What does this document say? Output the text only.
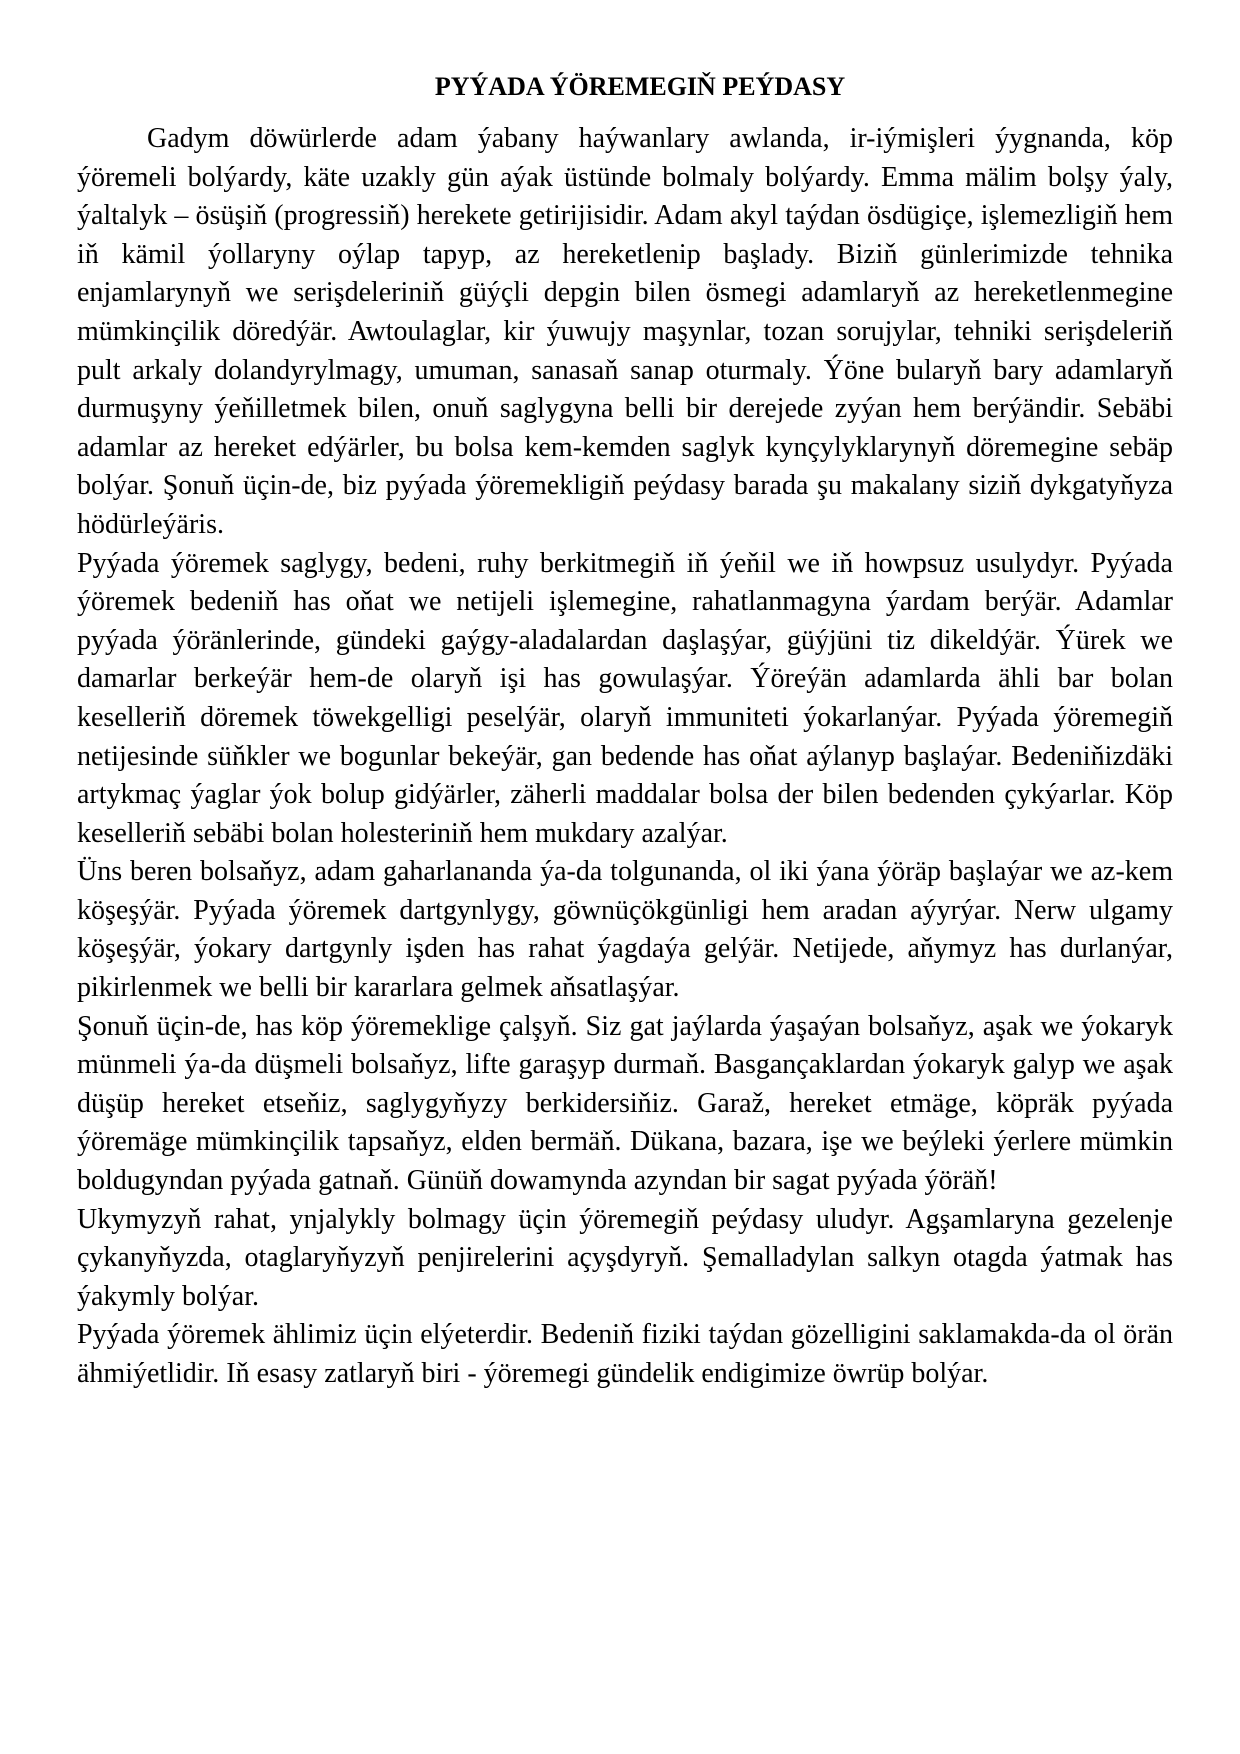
PYÝADA ÝÖREMEGIŇ PEÝDASY

Gadym döwürlerde adam ýabany haýwanlary awlanda, ir-iýmişleri ýygnanda, köp ýöremeli bolýardy, käte uzakly gün aýak üstünde bolmaly bolýardy. Emma mälim bolşy ýaly, ýaltalyk – ösüşiň (progressiň) herekete getirijisidir. Adam akyl taýdan ösdügiçe, işlemezligiň hem iň kämil ýollaryny oýlap tapyp, az hereketlenip başlady. Biziň günlerimizde tehnika enjamlarynyň we serişdeleriniň güýçli depgin bilen ösmegi adamlaryň az hereketlenmegine mümkinçilik döredýär. Awtoulaglar, kir ýuwujy maşynlar, tozan sorujylar, tehniki serişdeleriň pult arkaly dolandyrylmagy, umuman, sanasaň sanap oturmaly. Ýöne bularyň bary adamlaryň durmuşyny ýeňilletmek bilen, onuň saglygyna belli bir derejede zyýan hem berýändir. Sebäbi adamlar az hereket edýärler, bu bolsa kem-kemden saglyk kynçylyklarynyň döremegine sebäp bolýar. Şonuň üçin-de, biz pyýada ýöremekligiň peýdasy barada şu makalany siziň dykgatyňyza hödürleýäris.

Pyýada ýöremek saglygy, bedeni, ruhy berkitmegiň iň ýeňil we iň howpsuz usulydyr. Pyýada ýöremek bedeniň has oňat we netijeli işlemegine, rahatlanmagyna ýardam berýär. Adamlar pyýada ýöränlerinde, gündeki gaýgy-aladalardan daşlaşýar, güýjüni tiz dikeldýär. Ýürek we damarlar berkeýär hem-de olaryň işi has gowulaşýar. Ýöreýän adamlarda ähli bar bolan keselleriň döremek töwekgelligi peselýär, olaryň immuniteti ýokarlanýar. Pyýada ýöremegiň netijesinde süňkler we bogunlar bekeýär, gan bedende has oňat aýlanyp başlaýar. Bedeniňizdäki artykmaç ýaglar ýok bolup gidýärler, zäherli maddalar bolsa der bilen bedenden çykýarlar. Köp keselleriň sebäbi bolan holesteriniň hem mukdary azalýar.

Üns beren bolsaňyz, adam gaharlananda ýa-da tolgunanda, ol iki ýana ýöräp başlaýar we az-kem köşeşýär. Pyýada ýöremek dartgynlygy, göwnüçökgünligi hem aradan aýyrýar. Nerw ulgamy köşeşýär, ýokary dartgynly işden has rahat ýagdaýa gelýär. Netijede, aňymyz has durlanýar, pikirlenmek we belli bir kararlara gelmek aňsatlaşýar.

Şonuň üçin-de, has köp ýöremeklige çalşyň. Siz gat jaýlarda ýaşaýan bolsaňyz, aşak we ýokaryk münmeli ýa-da düşmeli bolsaňyz, lifte garaşyp durmaň. Basgançaklardan ýokaryk galyp we aşak düşüp hereket etseňiz, saglygyňyzy berkidersiňiz. Garaž, hereket etmäge, köpräk pyýada ýöremäge mümkinçilik tapsaňyz, elden bermäň. Dükana, bazara, işe we beýleki ýerlere mümkin boldugyndan pyýada gatnaň. Günüň dowamynda azyndan bir sagat pyýada ýöräň!

Ukymyzyň rahat, ynjalykly bolmagy üçin ýöremegiň peýdasy uludyr. Agşamlaryna gezelenje çykanyňyzda, otaglaryňyzyň penjirelerini açyşdyryň. Şemalladylan salkyn otagda ýatmak has ýakymly bolýar.

Pyýada ýöremek ählimiz üçin elýeterdir. Bedeniň fiziki taýdan gözelligini saklamakda-da ol örän ähmiýetlidir. Iň esasy zatlaryň biri - ýöremegi gündelik endigimize öwrüp bolýar.
